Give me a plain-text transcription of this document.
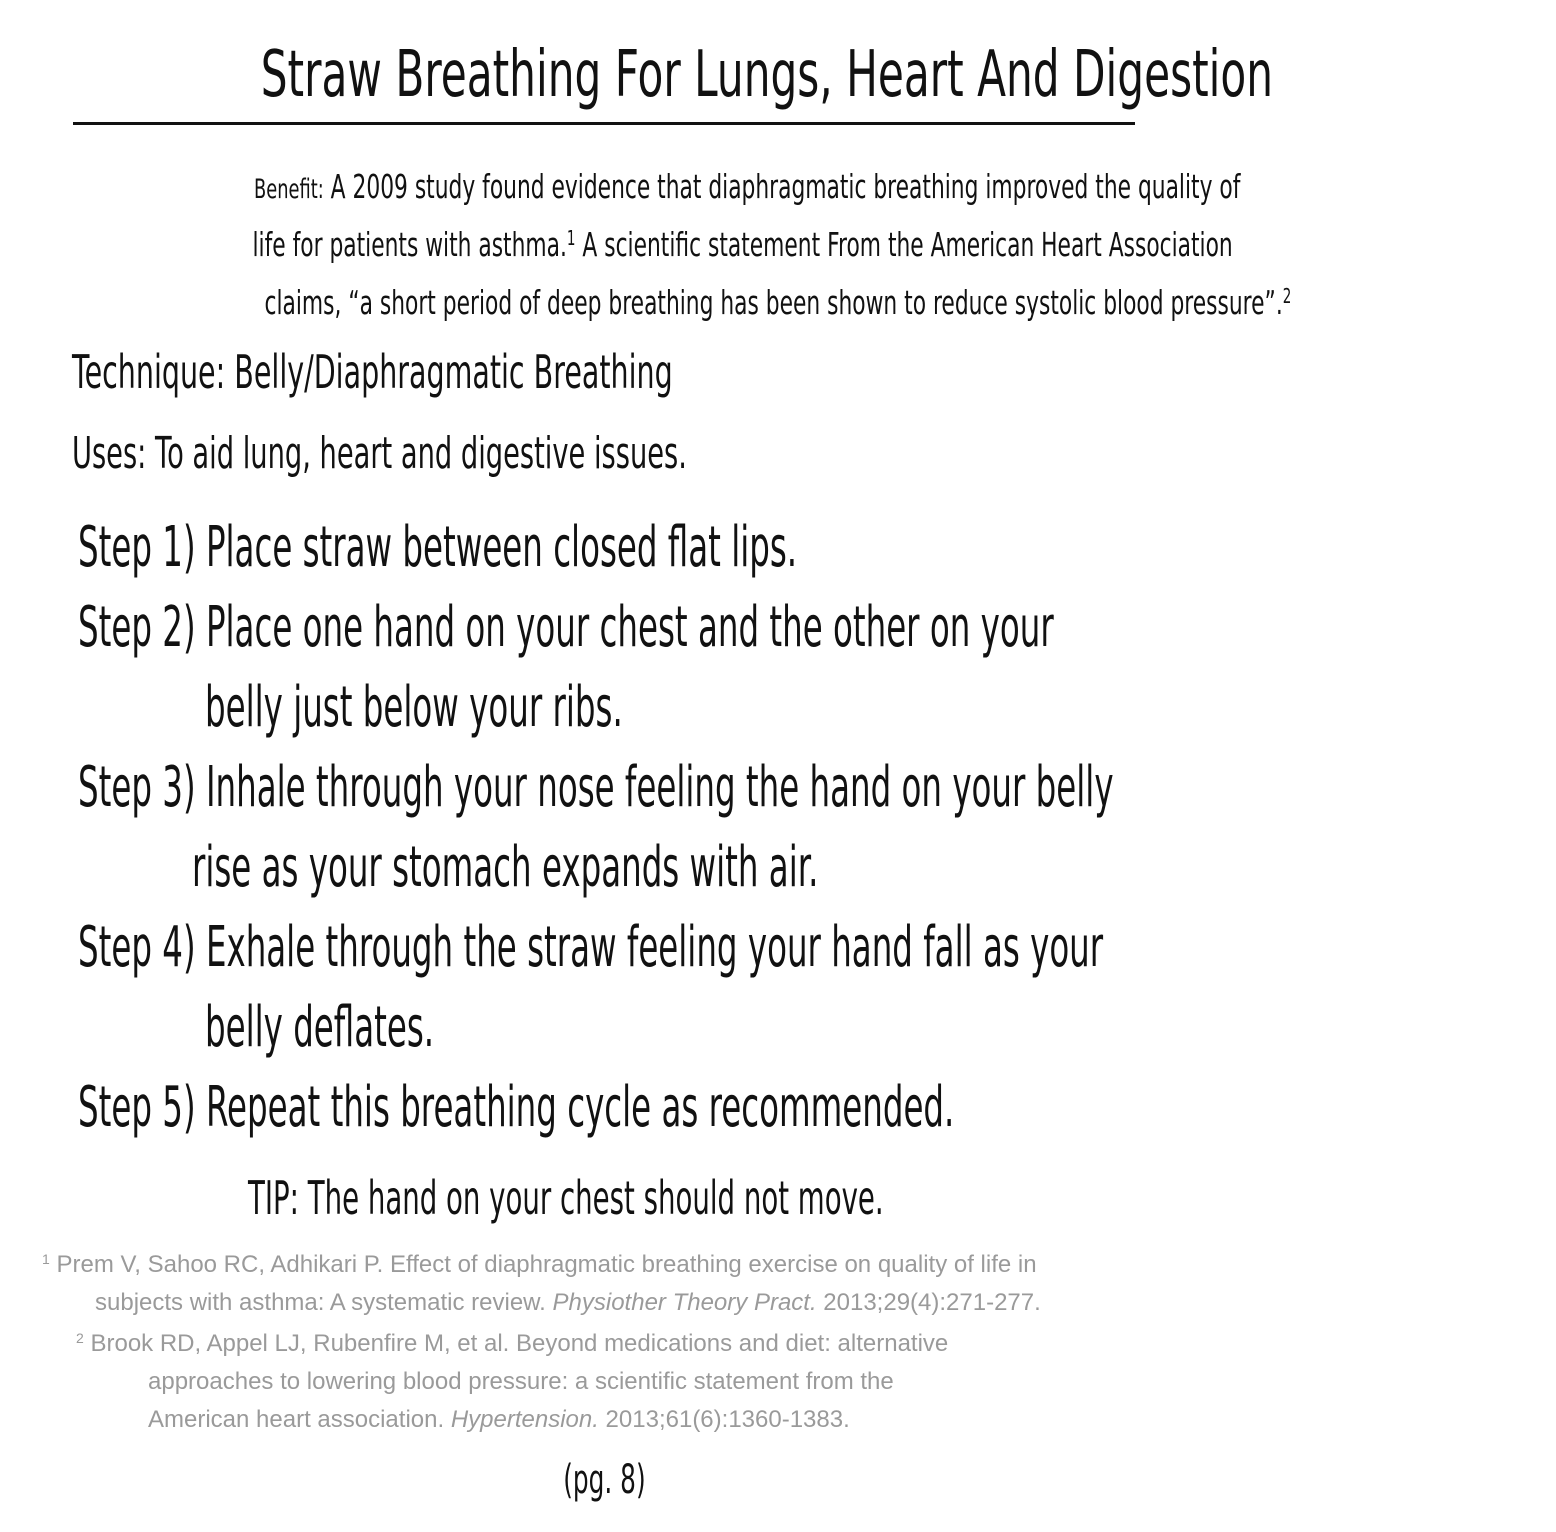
Straw Breathing For Lungs, Heart And Digestion
Benefit: A 2009 study found evidence that diaphragmatic breathing improved the quality of
life for patients with asthma.$^1$ A scientific statement From the American Heart Association
claims, “a short period of deep breathing has been shown to reduce systolic blood pressure”.$^2$
Technique: Belly/Diaphragmatic Breathing
Uses: To aid lung, heart and digestive issues.
Step 1) Place straw between closed flat lips.
Step 2) Place one hand on your chest and the other on your
belly just below your ribs.
Step 3) Inhale through your nose feeling the hand on your belly
rise as your stomach expands with air.
Step 4) Exhale through the straw feeling your hand fall as your
belly deflates.
Step 5) Repeat this breathing cycle as recommended.
TIP: The hand on your chest should not move.
$^1$ Prem V, Sahoo RC, Adhikari P. Effect of diaphragmatic breathing exercise on quality of life in
subjects with asthma: A systematic review. Physiother Theory Pract. 2013;29(4):271-277.
$^2$ Brook RD, Appel LJ, Rubenfire M, et al. Beyond medications and diet: alternative
approaches to lowering blood pressure: a scientific statement from the
American heart association. Hypertension. 2013;61(6):1360-1383.
(pg. 8)
